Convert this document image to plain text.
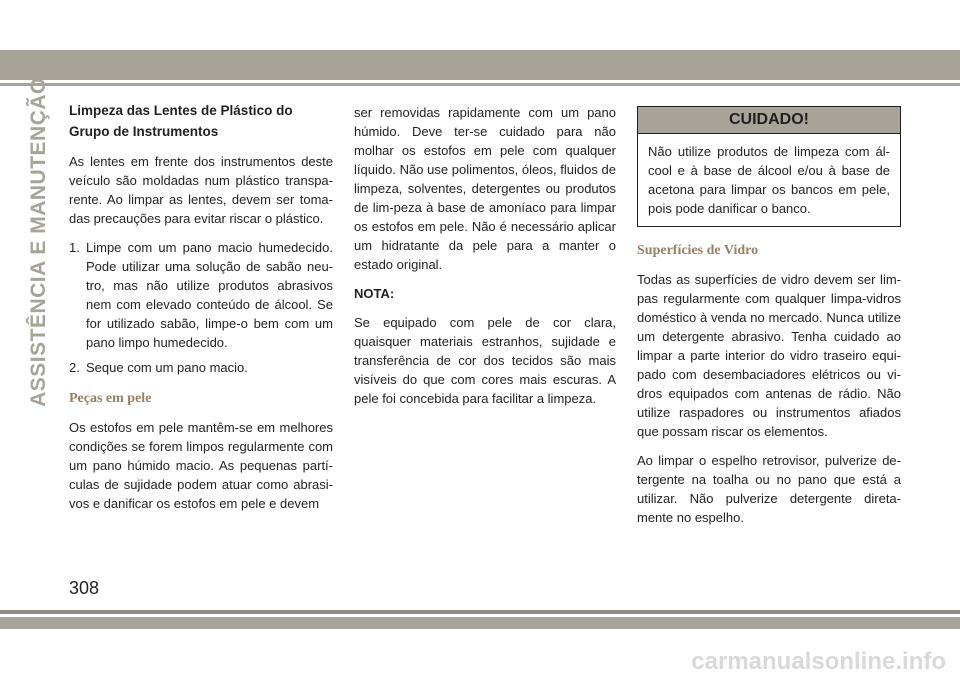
ASSISTÊNCIA E MANUTENÇÃO Limpeza das Lentes de Plástico do Grupo de Instrumentos

As lentes em frente dos instrumentos deste veículo são moldadas num plástico transpa-rente. Ao limpar as lentes, devem ser toma-das precauções para evitar riscar o plástico.

1. Limpe com um pano macio humedecido. Pode utilizar uma solução de sabão neu-tro, mas não utilize produtos abrasivos nem com elevado conteúdo de álcool. Se for utilizado sabão, limpe-o bem com um pano limpo humedecido.
2. Seque com um pano macio.
Peças em pele

Os estofos em pele mantêm-se em melhores condições se forem limpos regularmente com um pano húmido macio. As pequenas partí-culas de sujidade podem atuar como abrasi-vos e danificar os estofos em pele e devem

ser removidas rapidamente com um pano húmido. Deve ter-se cuidado para não molhar os estofos em pele com qualquer líquido. Não use polimentos, óleos, fluidos de limpeza, solventes, detergentes ou produtos de lim-peza à base de amoníaco para limpar os estofos em pele. Não é necessário aplicar um hidratante da pele para a manter o estado original.

NOTA:

Se equipado com pele de cor clara, quaisquer materiais estranhos, sujidade e transferência de cor dos tecidos são mais visíveis do que com cores mais escuras. A pele foi concebida para facilitar a limpeza.

CUIDADO!
Não utilize produtos de limpeza com ál-cool e à base de álcool e/ou à base de acetona para limpar os bancos em pele, pois pode danificar o banco.
Superfícies de Vidro

Todas as superfícies de vidro devem ser lim-pas regularmente com qualquer limpa-vidros doméstico à venda no mercado. Nunca utilize um detergente abrasivo. Tenha cuidado ao limpar a parte interior do vidro traseiro equi-pado com desembaciadores elétricos ou vi-dros equipados com antenas de rádio. Não utilize raspadores ou instrumentos afiados que possam riscar os elementos.

Ao limpar o espelho retrovisor, pulverize de-tergente na toalha ou no pano que está a utilizar. Não pulverize detergente direta-mente no espelho.

308
carmanualsonline.info
